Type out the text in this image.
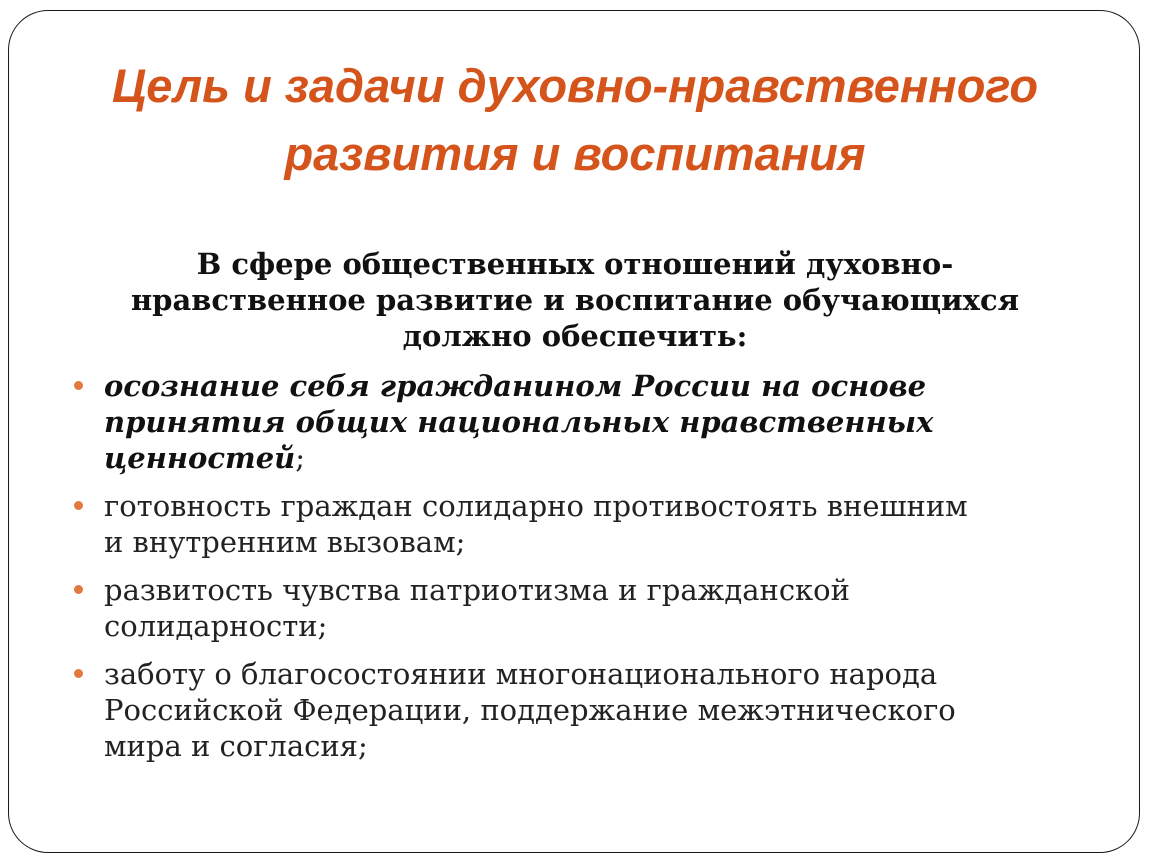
Цель и задачи духовно-нравственного
развития и воспитания
В сфере общественных отношений духовно-
нравственное развитие и воспитание обучающихся
должно обеспечить:
осознание себя гражданином России на основе
принятия общих национальных нравственных
ценностей;
готовность граждан солидарно противостоять внешним
и внутренним вызовам;
развитость чувства патриотизма и гражданской
солидарности;
заботу о благосостоянии многонационального народа
Российской Федерации, поддержание межэтнического
мира и согласия;
